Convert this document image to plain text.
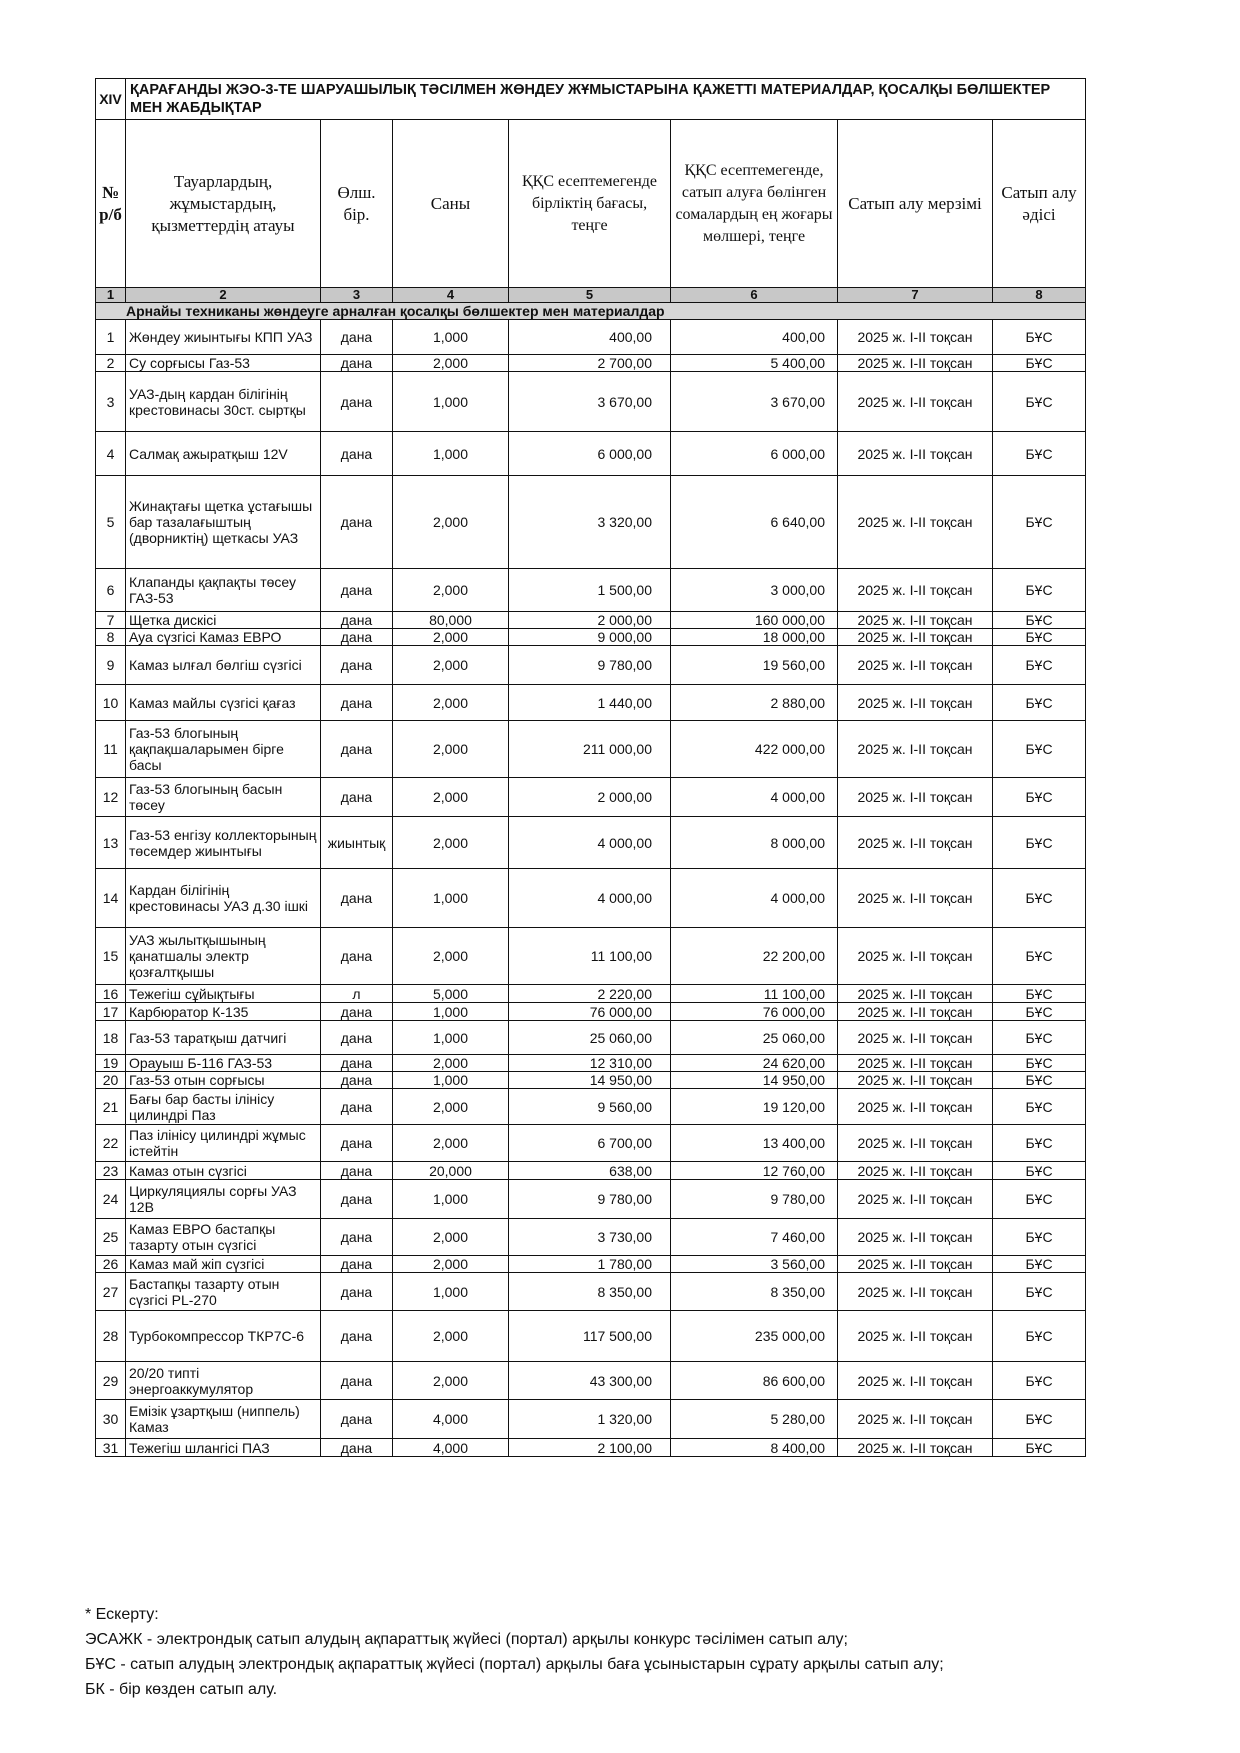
XIV	ҚАРАҒАНДЫ ЖЭО-3-ТЕ ШАРУАШЫЛЫҚ ТӘСІЛМЕН ЖӨНДЕУ ЖҰМЫСТАРЫНА ҚАЖЕТТІ МАТЕРИАЛДАР, ҚОСАЛҚЫ БӨЛШЕКТЕР МЕН ЖАБДЫҚТАР						
№ р/б	Тауарлардың, жұмыстардың, қызметтердің атауы	Өлш. бір.	Саны	ҚҚС есептемегенде бірліктің бағасы, теңге	ҚҚС есептемегенде, сатып алуға бөлінген сомалардың ең жоғары мөлшері, теңге	Сатып алу мерзімі	Сатып алу әдісі
1	2	3	4	5	6	7	8
Арнайы техниканы жөндеуге арналған қосалқы бөлшектер мен материалдар							
1	Жөндеу жиынтығы КПП УАЗ	дана	1,000	400,00	400,00	2025 ж. I-II тоқсан	БҰС
2	Су сорғысы Газ-53	дана	2,000	2 700,00	5 400,00	2025 ж. I-II тоқсан	БҰС
3	УАЗ-дың кардан білігінің крестовинасы 30ст. сыртқы	дана	1,000	3 670,00	3 670,00	2025 ж. I-II тоқсан	БҰС
4	Салмақ ажыратқыш 12V	дана	1,000	6 000,00	6 000,00	2025 ж. I-II тоқсан	БҰС
5	Жинақтағы щетка ұстағышы бар тазалағыштың (дворниктің) щеткасы УАЗ	дана	2,000	3 320,00	6 640,00	2025 ж. I-II тоқсан	БҰС
6	Клапанды қақпақты төсеу ГАЗ-53	дана	2,000	1 500,00	3 000,00	2025 ж. I-II тоқсан	БҰС
7	Щетка дискісі	дана	80,000	2 000,00	160 000,00	2025 ж. I-II тоқсан	БҰС
8	Ауа сүзгісі Камаз ЕВРО	дана	2,000	9 000,00	18 000,00	2025 ж. I-II тоқсан	БҰС
9	Камаз ылғал бөлгіш сүзгісі	дана	2,000	9 780,00	19 560,00	2025 ж. I-II тоқсан	БҰС
10	Камаз майлы сүзгісі қағаз	дана	2,000	1 440,00	2 880,00	2025 ж. I-II тоқсан	БҰС
11	Газ-53 блогының қақпақшаларымен бірге басы	дана	2,000	211 000,00	422 000,00	2025 ж. I-II тоқсан	БҰС
12	Газ-53 блогының басын төсеу	дана	2,000	2 000,00	4 000,00	2025 ж. I-II тоқсан	БҰС
13	Газ-53 енгізу коллекторының төсемдер жиынтығы	жиынтық	2,000	4 000,00	8 000,00	2025 ж. I-II тоқсан	БҰС
14	Кардан білігінің крестовинасы УАЗ д.30 ішкі	дана	1,000	4 000,00	4 000,00	2025 ж. I-II тоқсан	БҰС
15	УАЗ жылытқышының қанатшалы электр қозғалтқышы	дана	2,000	11 100,00	22 200,00	2025 ж. I-II тоқсан	БҰС
16	Тежегіш сұйықтығы	л	5,000	2 220,00	11 100,00	2025 ж. I-II тоқсан	БҰС
17	Карбюратор К-135	дана	1,000	76 000,00	76 000,00	2025 ж. I-II тоқсан	БҰС
18	Газ-53 таратқыш датчигі	дана	1,000	25 060,00	25 060,00	2025 ж. I-II тоқсан	БҰС
19	Орауыш Б-116 ГАЗ-53	дана	2,000	12 310,00	24 620,00	2025 ж. I-II тоқсан	БҰС
20	Газ-53 отын сорғысы	дана	1,000	14 950,00	14 950,00	2025 ж. I-II тоқсан	БҰС
21	Бағы бар басты ілінісу цилиндрі Паз	дана	2,000	9 560,00	19 120,00	2025 ж. I-II тоқсан	БҰС
22	Паз ілінісу цилиндрі жұмыс істейтін	дана	2,000	6 700,00	13 400,00	2025 ж. I-II тоқсан	БҰС
23	Камаз отын сүзгісі	дана	20,000	638,00	12 760,00	2025 ж. I-II тоқсан	БҰС
24	Циркуляциялы сорғы УАЗ 12В	дана	1,000	9 780,00	9 780,00	2025 ж. I-II тоқсан	БҰС
25	Камаз ЕВРО бастапқы тазарту отын сүзгісі	дана	2,000	3 730,00	7 460,00	2025 ж. I-II тоқсан	БҰС
26	Камаз май жіп сүзгісі	дана	2,000	1 780,00	3 560,00	2025 ж. I-II тоқсан	БҰС
27	Бастапқы тазарту отын сүзгісі PL-270	дана	1,000	8 350,00	8 350,00	2025 ж. I-II тоқсан	БҰС
28	Турбокомпрессор ТКР7С-6	дана	2,000	117 500,00	235 000,00	2025 ж. I-II тоқсан	БҰС
29	20/20 типті энергоаккумулятор	дана	2,000	43 300,00	86 600,00	2025 ж. I-II тоқсан	БҰС
30	Емізік ұзартқыш (ниппель) Камаз	дана	4,000	1 320,00	5 280,00	2025 ж. I-II тоқсан	БҰС
31	Тежегіш шлангісі ПАЗ	дана	4,000	2 100,00	8 400,00	2025 ж. I-II тоқсан	БҰС
* Ескерту:
ЭСАЖК - электрондық сатып алудың ақпараттық жүйесі (портал) арқылы конкурс тәсілімен сатып алу;
БҰС - сатып алудың электрондық ақпараттық жүйесі (портал) арқылы баға ұсыныстарын сұрату арқылы сатып алу;
БК - бір көзден сатып алу.
